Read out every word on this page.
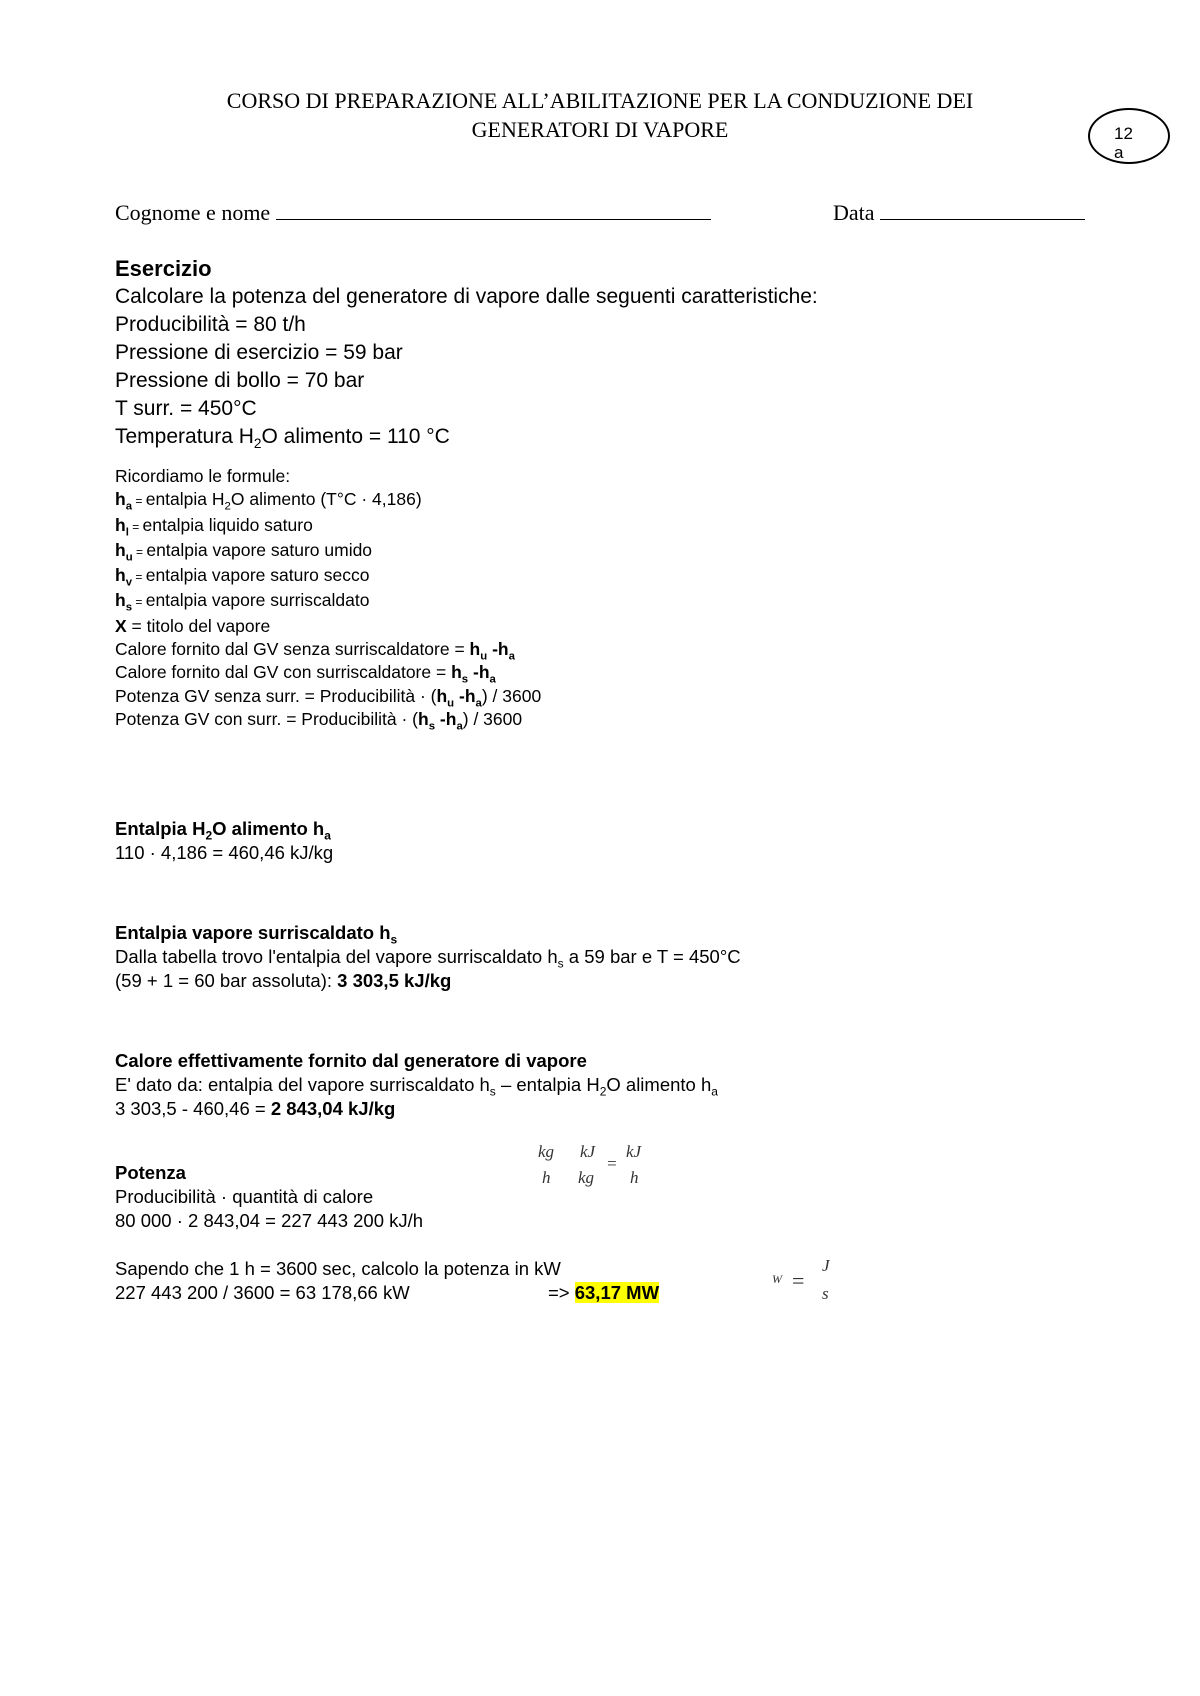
CORSO DI PREPARAZIONE ALL’ABILITAZIONE PER LA CONDUZIONE DEI
GENERATORI DI VAPORE	12
a
Cognome e nome	Data
Esercizio
Calcolare la potenza del generatore di vapore dalle seguenti caratteristiche:
Producibilità = 80 t/h
Pressione di esercizio = 59 bar
Pressione di bollo = 70 bar
T surr. = 450°C
Temperatura $H_2O$ alimento = 110 °C
Ricordiamo le formule:
$h_a$ = entalpia $H_2O$ alimento (T°C · 4,186)
$h_l$ = entalpia liquido saturo
$h_u$ = entalpia vapore saturo umido
$h_v$ = entalpia vapore saturo secco
$h_s$ = entalpia vapore surriscaldato
X = titolo del vapore
Calore fornito dal GV senza surriscaldatore = $h_u$ $-h_a$
Calore fornito dal GV con surriscaldatore = $h_s$ $-h_a$
Potenza GV senza surr. = Producibilità · ($h_u$ $-h_a) / 3600$
Potenza GV con surr. = Producibilità · ($h_s$ $-h_a) / 3600$
Entalpia $H_2O$ alimento $h_a$
110 · 4,186 = 460,46 kJ/kg
Entalpia vapore surriscaldato $h_s$
Dalla tabella trovo l'entalpia del vapore surriscaldato $h_s$ a 59 bar e T = 450°C
(59 + 1 = 60 bar assoluta): 3 303,5 kJ/kg
Calore effettivamente fornito dal generatore di vapore
E' dato da: entalpia del vapore surriscaldato $h_s$ – entalpia $H_2O$ alimento $h_a$
3 303,5 - 460,46 = 2 843,04 kJ/kg
Potenza
Producibilità · quantità di calore
80 000 · 2 843,04 = 227 443 200 kJ/h
Sapendo che 1 h = 3600 sec, calcolo la potenza in kW
227 443 200 / 3600 = 63 178,66 kW	=> 63,17 MW
kg kJ kJ
h kg h
=
W =
J
s
